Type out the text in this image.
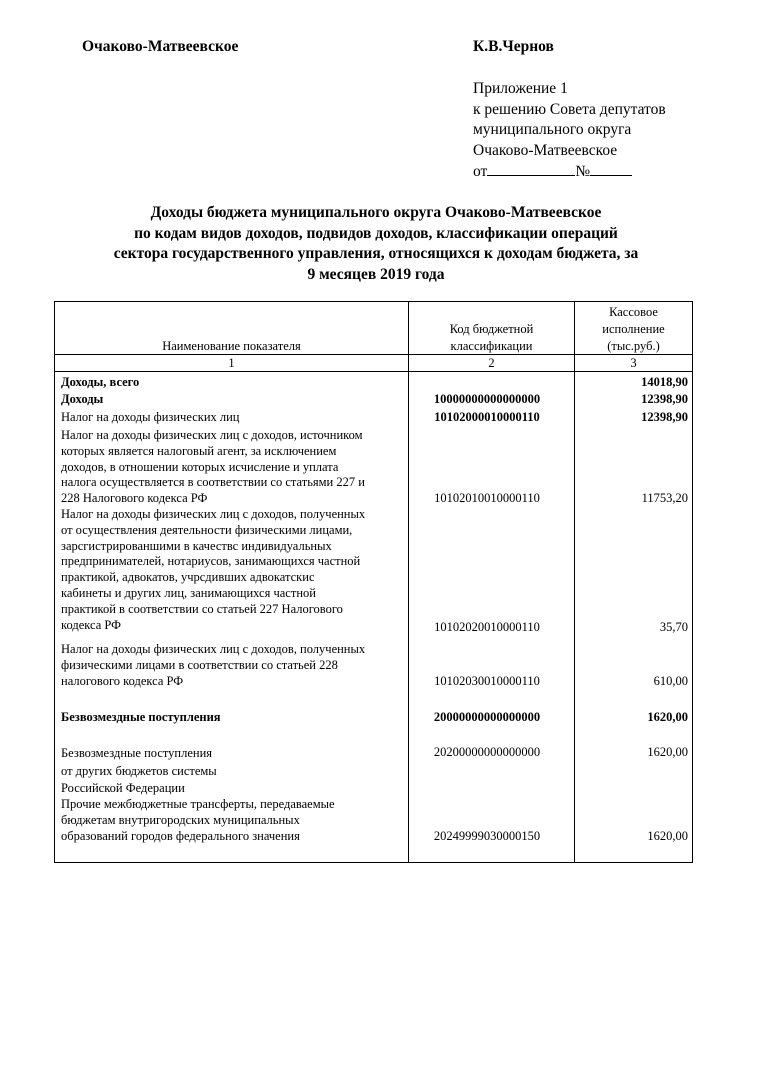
Очаково-Матвеевское	К.В.Чернов
Приложение 1
к решению Совета депутатов
муниципального округа
Очаково-Матвеевское
от	№
Доходы бюджета муниципального округа Очаково-Матвеевское
по кодам видов доходов, подвидов доходов, классификации операций
сектора государственного управления, относящихся к доходам бюджета, за
9 месяцев 2019 года
Наименование показателя
Код бюджетной
классификации
Кассовое
исполнение
(тыс.руб.)
1	2	3
Доходы, всего	14018,90
Доходы	10000000000000000	12398,90
Налог на доходы физических лиц	10102000010000110	12398,90
Налог на доходы физических лиц с доходов, источником
которых является налоговый агент, за исключением
доходов, в отношении которых исчисление и уплата
налога осуществляется в соответствии со статьями 227 и
228 Налогового кодекса РФ	10102010010000110	11753,20
Налог на доходы физических лиц с доходов, полученных
от осуществления деятельности физическими лицами,
зарсгистрированшими в качествс индивидуальных
предпринимателей, нотариусов, занимающихся частной
практикой, адвокатов, учрсдивших адвокатскис
кабинеты и других лиц, занимающихся частной
практикой в соответствии со статьей 227 Налогового
кодекса РФ	10102020010000110	35,70
Налог на доходы физических лиц с доходов, полученных
физическими лицами в соответствии со статьей 228
налогового кодекса РФ	10102030010000110	610,00
Безвозмездные поступления	20000000000000000	1620,00
Безвозмездные поступления
от других бюджетов системы
Российской Федерации
20200000000000000	1620,00
Прочие межбюджетные трансферты, передаваемые
бюджетам внутригородских муниципальных
образований городов федерального значения	20249999030000150	1620,00
